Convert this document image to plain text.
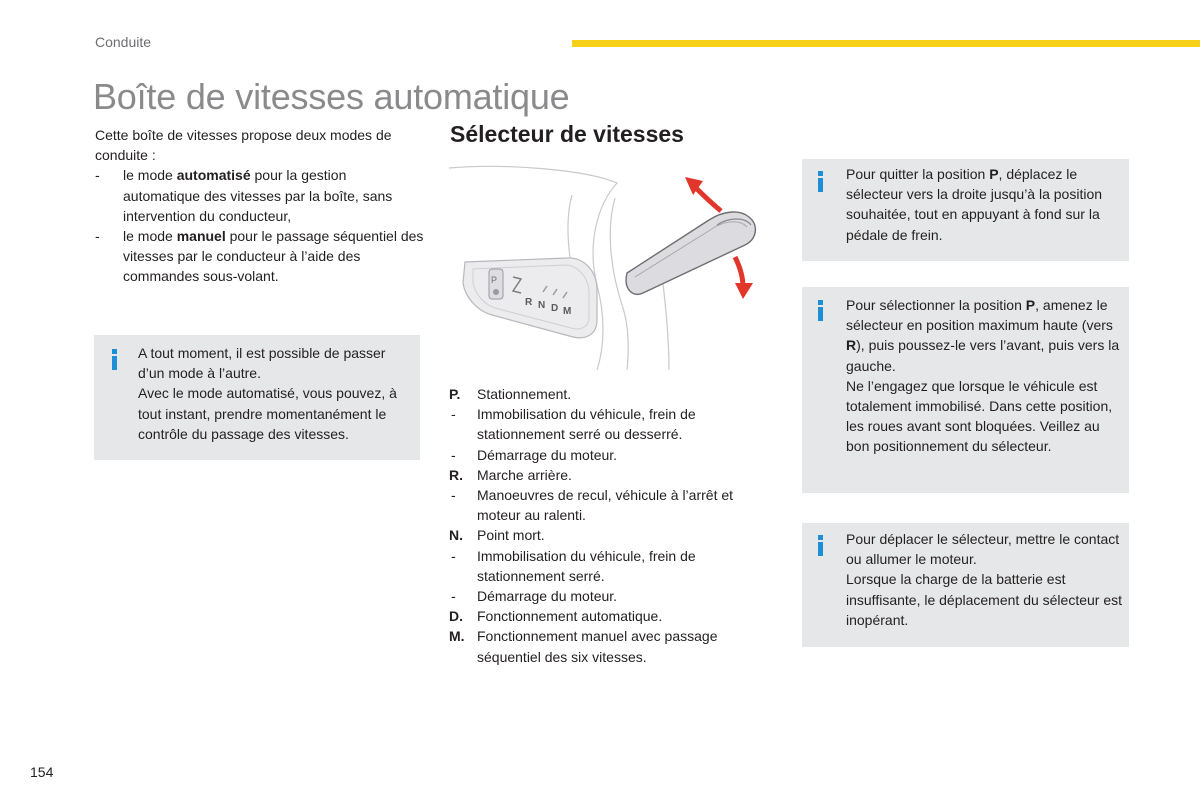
Conduite
Boîte de vitesses automatique

Cette boîte de vitesses propose deux modes de conduite :

- le mode automatisé pour la gestion automatique des vitesses par la boîte, sans intervention du conducteur,
- le mode manuel pour le passage séquentiel des vitesses par le conducteur à l’aide des commandes sous-volant.

A tout moment, il est possible de passer d’un mode à l’autre.

Avec le mode automatisé, vous pouvez, à tout instant, prendre momentanément le contrôle du passage des vitesses.

Sélecteur de vitesses
P
R N D M
P. Stationnement.
- Immobilisation du véhicule, frein de stationnement serré ou desserré.
- Démarrage du moteur.
R. Marche arrière.
- Manoeuvres de recul, véhicule à l’arrêt et moteur au ralenti.
N. Point mort.
- Immobilisation du véhicule, frein de stationnement serré.
- Démarrage du moteur.
D. Fonctionnement automatique.
M. Fonctionnement manuel avec passage séquentiel des six vitesses.

Pour quitter la position P, déplacez le sélecteur vers la droite jusqu’à la position souhaitée, tout en appuyant à fond sur la pédale de frein.

Pour sélectionner la position P, amenez le sélecteur en position maximum haute (vers R), puis poussez-le vers l’avant, puis vers la gauche.

Ne l’engagez que lorsque le véhicule est totalement immobilisé. Dans cette position, les roues avant sont bloquées. Veillez au bon positionnement du sélecteur.

Pour déplacer le sélecteur, mettre le contact ou allumer le moteur.

Lorsque la charge de la batterie est insuffisante, le déplacement du sélecteur est inopérant.

154
